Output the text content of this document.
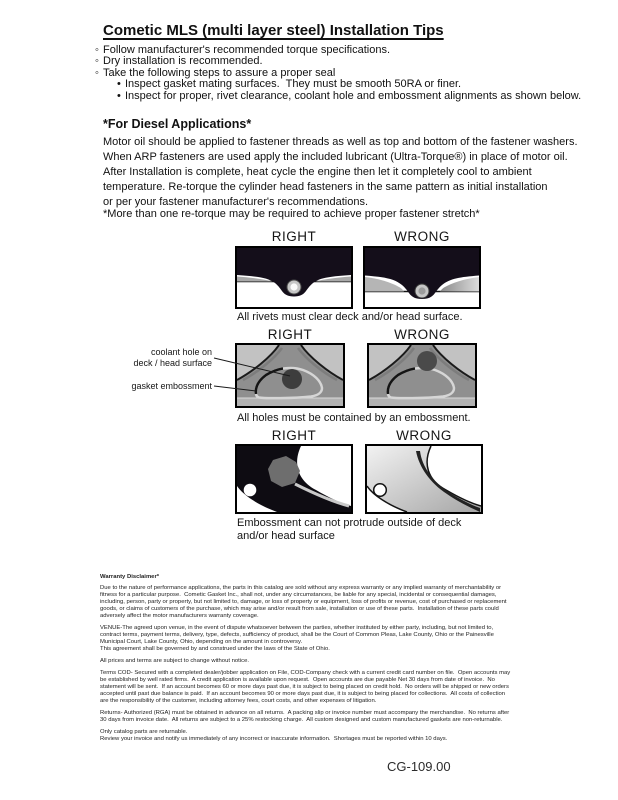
Cometic MLS (multi layer steel) Installation Tips
◦ Follow manufacturer's recommended torque specifications.
◦ Dry installation is recommended.
◦ Take the following steps to assure a proper seal
• Inspect gasket mating surfaces.  They must be smooth 50RA or finer.
• Inspect for proper, rivet clearance, coolant hole and embossment alignments as shown below.
*For Diesel Applications*
Motor oil should be applied to fastener threads as well as top and bottom of the fastener washers.
When ARP fasteners are used apply the included lubricant (Ultra-Torque®) in place of motor oil.
After Installation is complete, heat cycle the engine then let it completely cool to ambient
temperature. Re-torque the cylinder head fasteners in the same pattern as initial installation
or per your fastener manufacturer's recommendations.
*More than one re-torque may be required to achieve proper fastener stretch*
RIGHT	WRONG
All rivets must clear deck and/or head surface.
RIGHT	WRONG
All holes must be contained by an embossment.
coolant hole on
deck / head surface
gasket embossment
RIGHT	WRONG
Embossment can not protrude outside of deck
and/or head surface

Warranty Disclaimer*

Due to the nature of performance applications, the parts in this catalog are sold without any express warranty or any implied warranty of merchantability or
fitness for a particular purpose.  Cometic Gasket Inc., shall not, under any circumstances, be liable for any special, incidental or consequential damages,
including, person, party or property, but not limited to, damage, or loss of property or equipment, loss of profits or revenue, cost of purchased or replacement
goods, or claims of customers of the purchase, which may arise and/or result from sale, installation or use of these parts.  Installation of these parts could
adversely affect the motor manufacturers warranty coverage.

VENUE-The agreed upon venue, in the event of dispute whatsoever between the parties, whether instituted by either party, including, but not limited to,
contract terms, payment terms, delivery, type, defects, sufficiency of product, shall be the Court of Common Pleas, Lake County, Ohio or the Painesville
Municipal Court, Lake County, Ohio, depending on the amount in controversy.
This agreement shall be governed by and construed under the laws of the State of Ohio.

All prices and terms are subject to change without notice.

Terms COD- Secured with a completed dealer/jobber application on File, COD-Company check with a current credit card number on file.  Open accounts may
be established by well rated firms.  A credit application is available upon request.  Open accounts are due payable Net 30 days from date of invoice.  No
statement will be sent.  If an account becomes 60 or more days past due, it is subject to being placed on credit hold.  No orders will be shipped or new orders
accepted until past due balance is paid.  If an account becomes 90 or more days past due, it is subject to being placed for collections.  All costs of collection
are the responsibility of the customer, including attorney fees, court costs, and other expenses of litigation.

Returns- Authorized (RGA) must be obtained in advance on all returns.  A packing slip or invoice number must accompany the merchandise.  No returns after
30 days from invoice date.  All returns are subject to a 25% restocking charge.  All custom designed and custom manufactured gaskets are non-returnable.

Only catalog parts are returnable.
Review your invoice and notify us immediately of any incorrect or inaccurate information.  Shortages must be reported within 10 days.

CG-109.00
